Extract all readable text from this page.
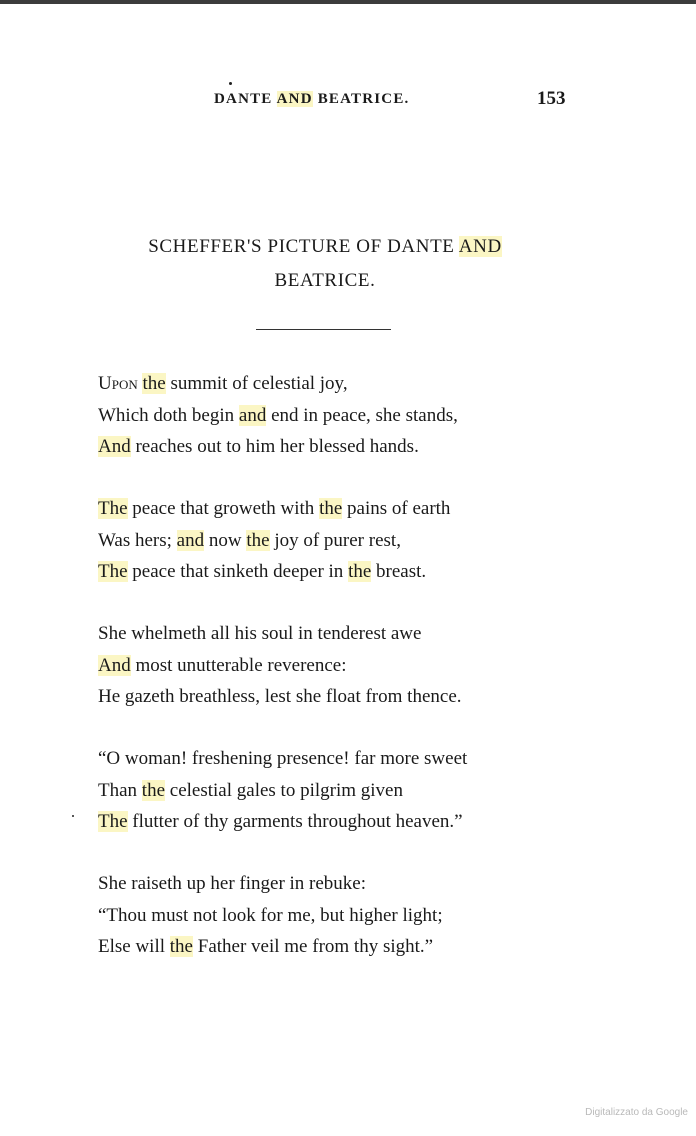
DANTE AND BEATRICE.	153
SCHEFFER'S PICTURE OF DANTE AND
BEATRICE.
Upon the summit of celestial joy,
Which doth begin and end in peace, she stands,
And reaches out to him her blessed hands.
The peace that groweth with the pains of earth
Was hers; and now the joy of purer rest,
The peace that sinketh deeper in the breast.
She whelmeth all his soul in tenderest awe
And most unutterable reverence:
He gazeth breathless, lest she float from thence.
“O woman! freshening presence! far more sweet
Than the celestial gales to pilgrim given
The flutter of thy garments throughout heaven.”
She raiseth up her finger in rebuke:
“Thou must not look for me, but higher light;
Else will the Father veil me from thy sight.”
Digitalizzato da Google
